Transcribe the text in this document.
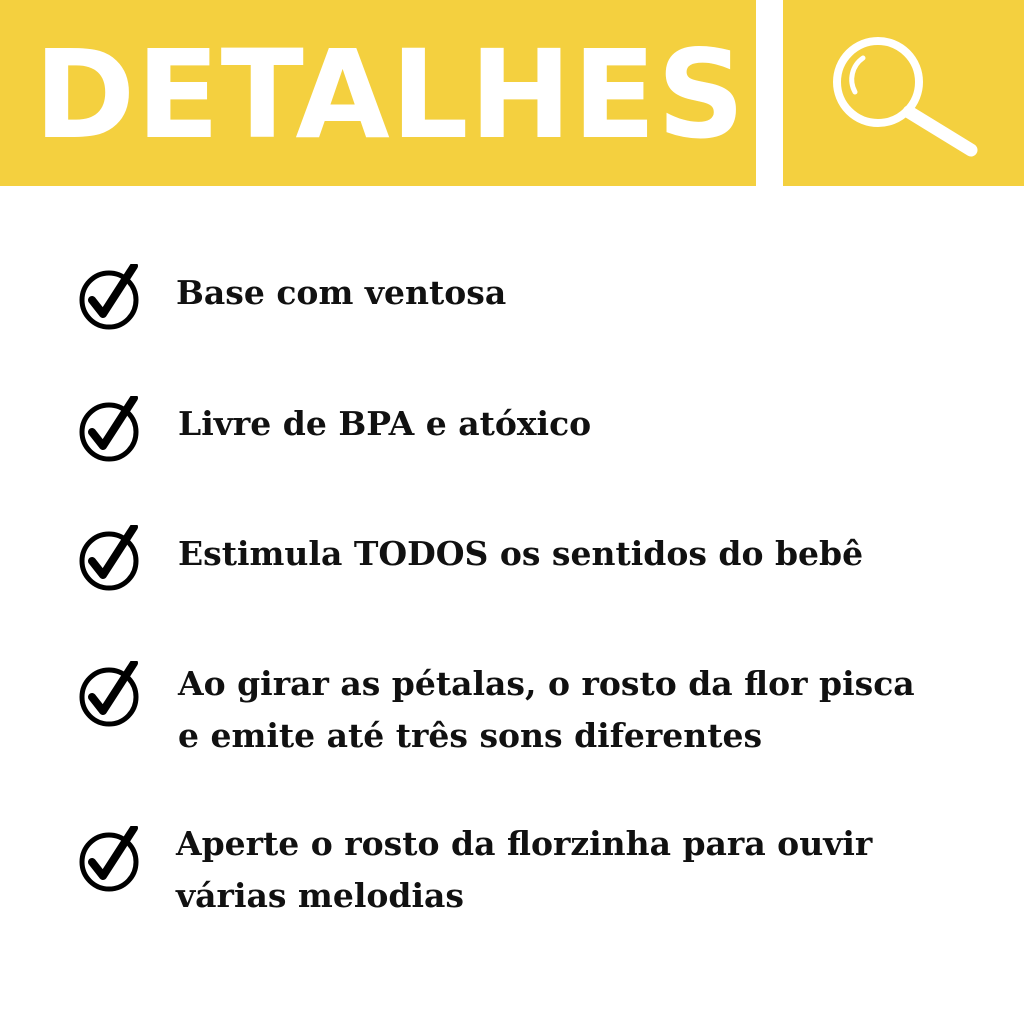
DETALHES
Base com ventosa
Livre de BPA e atóxico
Estimula TODOS os sentidos do bebê
Ao girar as pétalas, o rosto da flor pisca
e emite até três sons diferentes
Aperte o rosto da florzinha para ouvir
várias melodias
